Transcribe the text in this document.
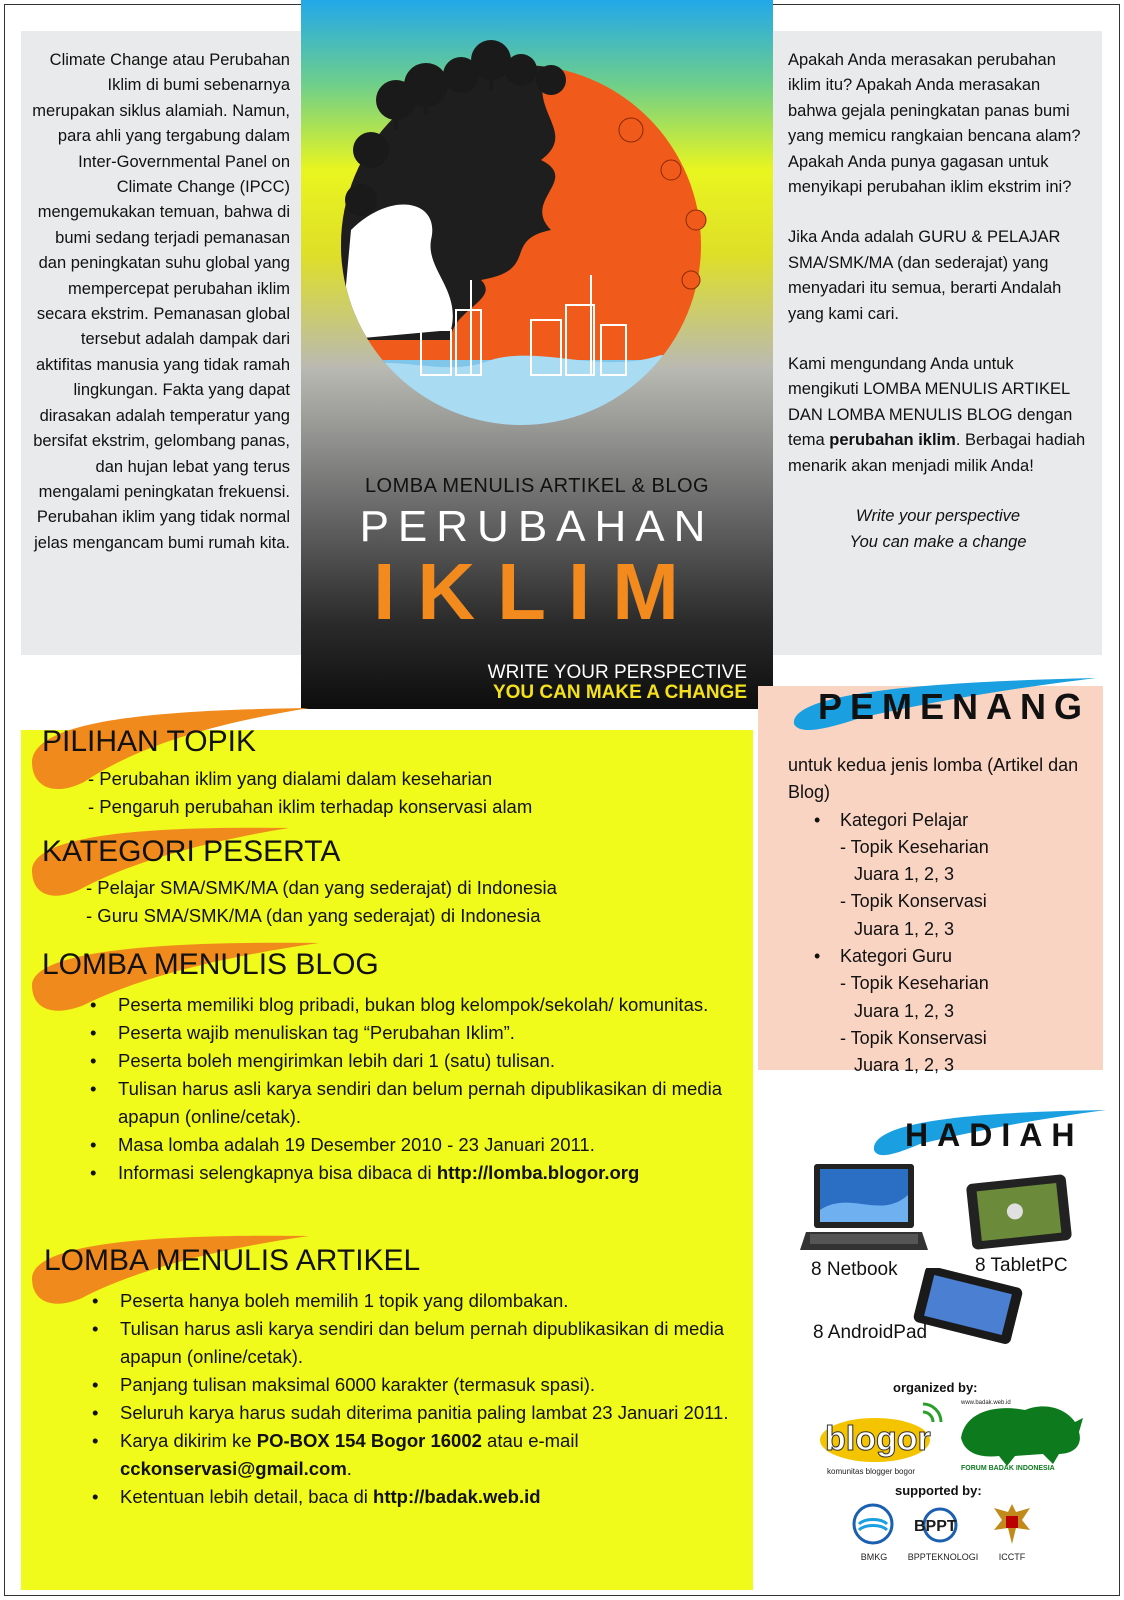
Climate Change atau Perubahan Iklim di bumi sebenarnya merupakan siklus alamiah. Namun, para ahli yang tergabung dalam Inter-Governmental Panel on Climate Change (IPCC) mengemukakan temuan, bahwa di bumi sedang terjadi pemanasan dan peningkatan suhu global yang mempercepat perubahan iklim secara ekstrim. Pemanasan global tersebut adalah dampak dari aktifitas manusia yang tidak ramah lingkungan. Fakta yang dapat dirasakan adalah temperatur yang bersifat ekstrim, gelombang panas, dan hujan lebat yang terus mengalami peningkatan frekuensi. Perubahan iklim yang tidak normal jelas mengancam bumi rumah kita.

Apakah Anda merasakan perubahan iklim itu? Apakah Anda merasakan bahwa gejala peningkatan panas bumi yang memicu rangkaian bencana alam? Apakah Anda punya gagasan untuk menyikapi perubahan iklim ekstrim ini?

Jika Anda adalah GURU & PELAJAR SMA/SMK/MA (dan sederajat) yang menyadari itu semua, berarti Andalah yang kami cari.

Kami mengundang Anda untuk mengikuti LOMBA MENULIS ARTIKEL DAN LOMBA MENULIS BLOG dengan tema perubahan iklim. Berbagai hadiah menarik akan menjadi milik Anda!

Write your perspective
You can make a change
LOMBA MENULIS ARTIKEL & BLOG
PERUBAHAN
IKLIM
WRITE YOUR PERSPECTIVE
YOU CAN MAKE A CHANGE
PILIHAN TOPIK
- Perubahan iklim yang dialami dalam keseharian
- Pengaruh perubahan iklim terhadap konservasi alam
KATEGORI PESERTA
- Pelajar SMA/SMK/MA (dan yang sederajat) di Indonesia
- Guru SMA/SMK/MA (dan yang sederajat) di Indonesia
LOMBA MENULIS BLOG
• Peserta memiliki blog pribadi, bukan blog kelompok/sekolah/ komunitas.
• Peserta wajib menuliskan tag “Perubahan Iklim”.
• Peserta boleh mengirimkan lebih dari 1 (satu) tulisan.
• Tulisan harus asli karya sendiri dan belum pernah dipublikasikan di media apapun (online/cetak).
• Masa lomba adalah 19 Desember 2010 - 23 Januari 2011.
• Informasi selengkapnya bisa dibaca di http://lomba.blogor.org
LOMBA MENULIS ARTIKEL
• Peserta hanya boleh memilih 1 topik yang dilombakan.
• Tulisan harus asli karya sendiri dan belum pernah dipublikasikan di media apapun (online/cetak).
• Panjang tulisan maksimal 6000 karakter (termasuk spasi).
• Seluruh karya harus sudah diterima panitia paling lambat 23 Januari 2011.
• Karya dikirim ke PO-BOX 154 Bogor 16002 atau e-mail cckonservasi@gmail.com.
• Ketentuan lebih detail, baca di http://badak.web.id
PEMENANG
untuk kedua jenis lomba (Artikel dan Blog)
• Kategori Pelajar
- Topik Keseharian
Juara 1, 2, 3
- Topik Konservasi
Juara 1, 2, 3
• Kategori Guru
- Topik Keseharian
Juara 1, 2, 3
- Topik Konservasi
Juara 1, 2, 3
HADIAH
8 Netbook	8 TabletPC
8 AndroidPad
organized by:
blogor
komunitas blogger bogor
www.badak.web.id
FORUM BADAK INDONESIA
supported by:
BMKG
BPPT
BPPTEKNOLOGI	ICCTF
